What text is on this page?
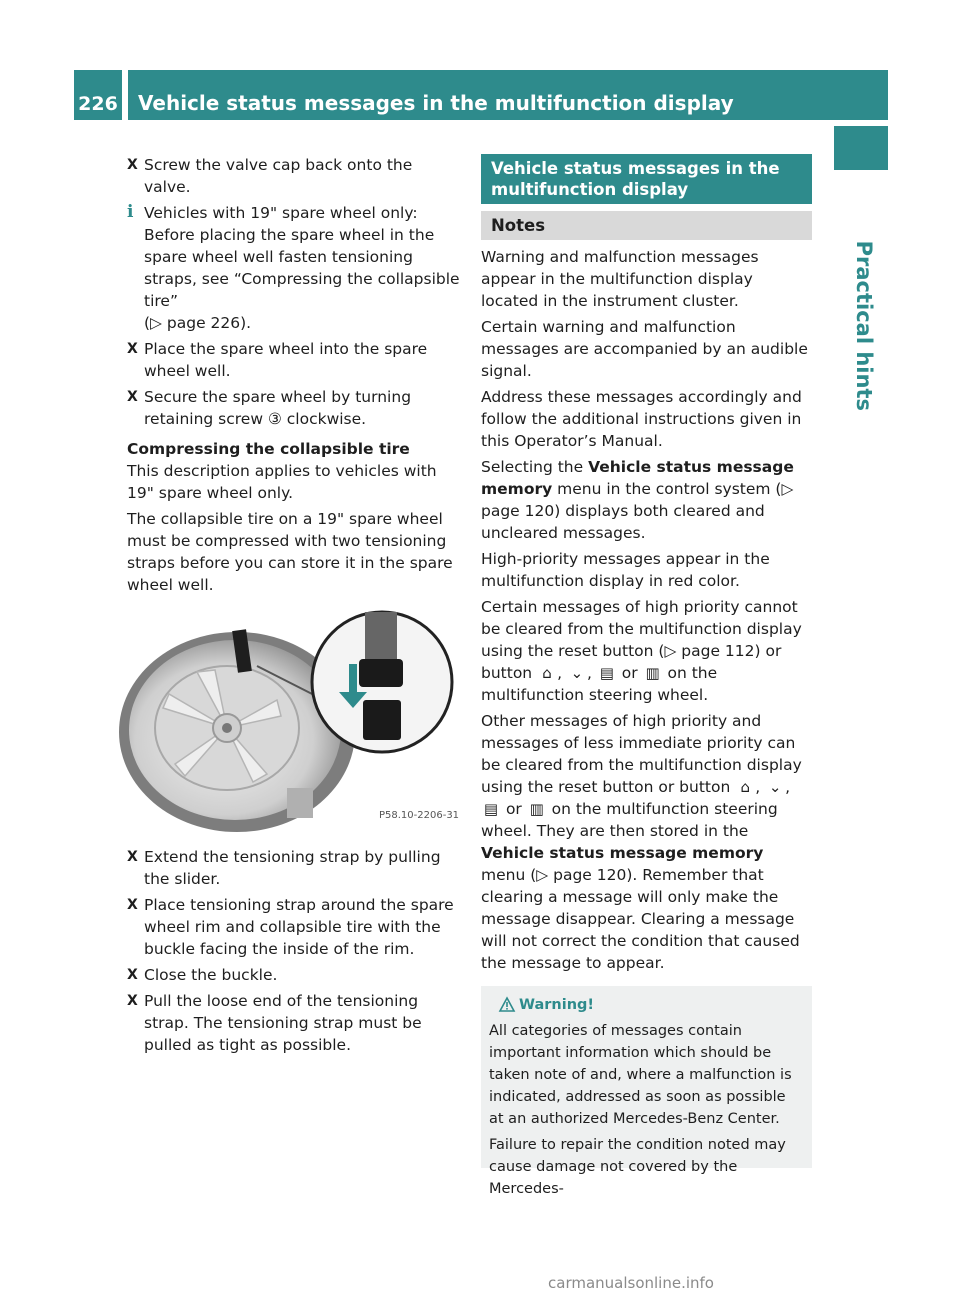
226	Vehicle status messages in the multifunction display
Practical hints
X Screw the valve cap back onto the valve.
i Vehicles with 19" spare wheel only:
Before placing the spare wheel in the spare wheel well fasten tensioning straps, see “Compressing the collapsible tire”
(▷ page 226).
X Place the spare wheel into the spare wheel well.
X Secure the spare wheel by turning retaining screw ③ clockwise.
Compressing the collapsible tire

This description applies to vehicles with 19" spare wheel only.

The collapsible tire on a 19" spare wheel must be compressed with two tensioning straps before you can store it in the spare wheel well.

P58.10-2206-31
X Extend the tensioning strap by pulling the slider.
X Place tensioning strap around the spare wheel rim and collapsible tire with the buckle facing the inside of the rim.
X Close the buckle.
X Pull the loose end of the tensioning strap. The tensioning strap must be pulled as tight as possible.
Vehicle status messages in the multifunction display
Notes

Warning and malfunction messages appear in the multifunction display located in the instrument cluster.

Certain warning and malfunction messages are accompanied by an audible signal.

Address these messages accordingly and follow the additional instructions given in this Operator’s Manual.

Selecting the Vehicle status message memory menu in the control system (▷ page 120) displays both cleared and uncleared messages.

High-priority messages appear in the multifunction display in red color.

Certain messages of high priority cannot be cleared from the multifunction display using the reset button (▷ page 112) or button ⌂ , ⌄ , ▤ or ▥ on the multifunction steering wheel.

Other messages of high priority and messages of less immediate priority can be cleared from the multifunction display using the reset button or button ⌂ , ⌄ , ▤ or ▥ on the multifunction steering wheel. They are then stored in the Vehicle status message memory menu (▷ page 120). Remember that clearing a message will only make the message disappear. Clearing a message will not correct the condition that caused the message to appear.

Warning!

All categories of messages contain important information which should be taken note of and, where a malfunction is indicated, addressed as soon as possible at an authorized Mercedes-Benz Center.

Failure to repair the condition noted may cause damage not covered by the Mercedes-

carmanualsonline.info
